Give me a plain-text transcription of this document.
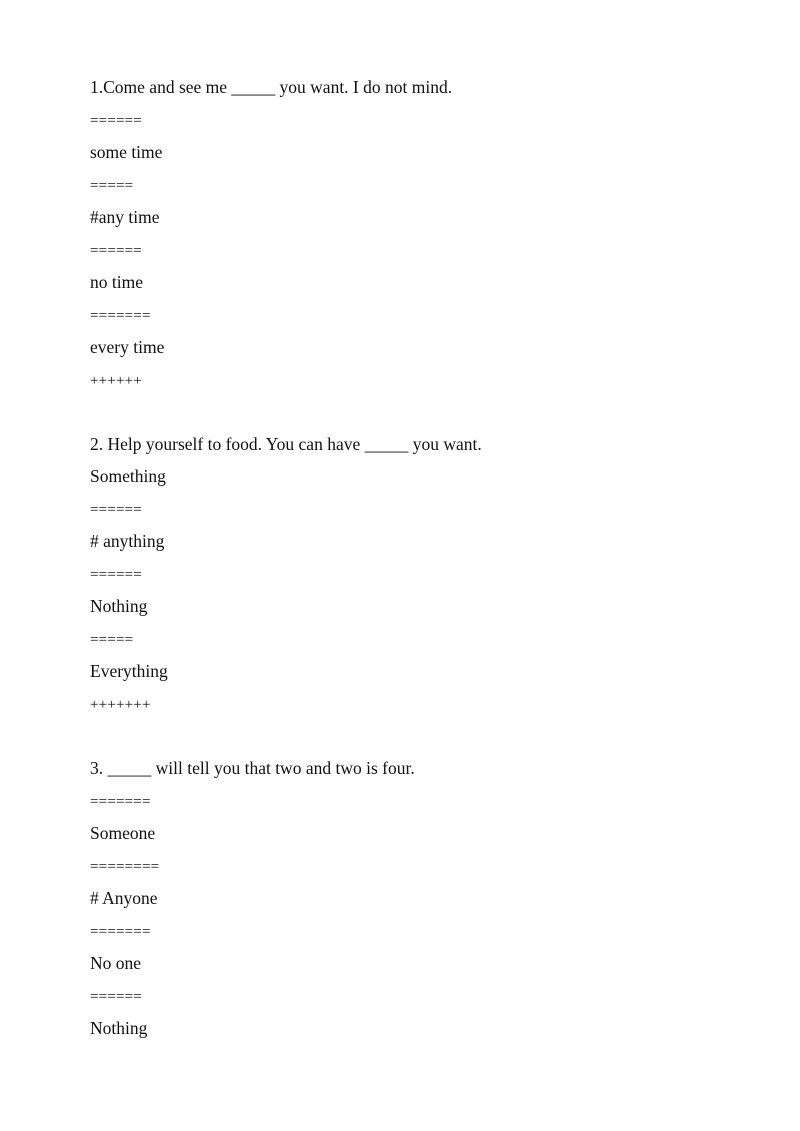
1.Come and see me _____ you want. I do not mind.
======
some time
=====
#any time
======
no time
=======
every time
++++++
2. Help yourself to food. You can have _____ you want.
Something
======
# anything
======
Nothing
=====
Everything
+++++++
3. _____ will tell you that two and two is four.
=======
Someone
========
# Anyone
=======
No one
======
Nothing
